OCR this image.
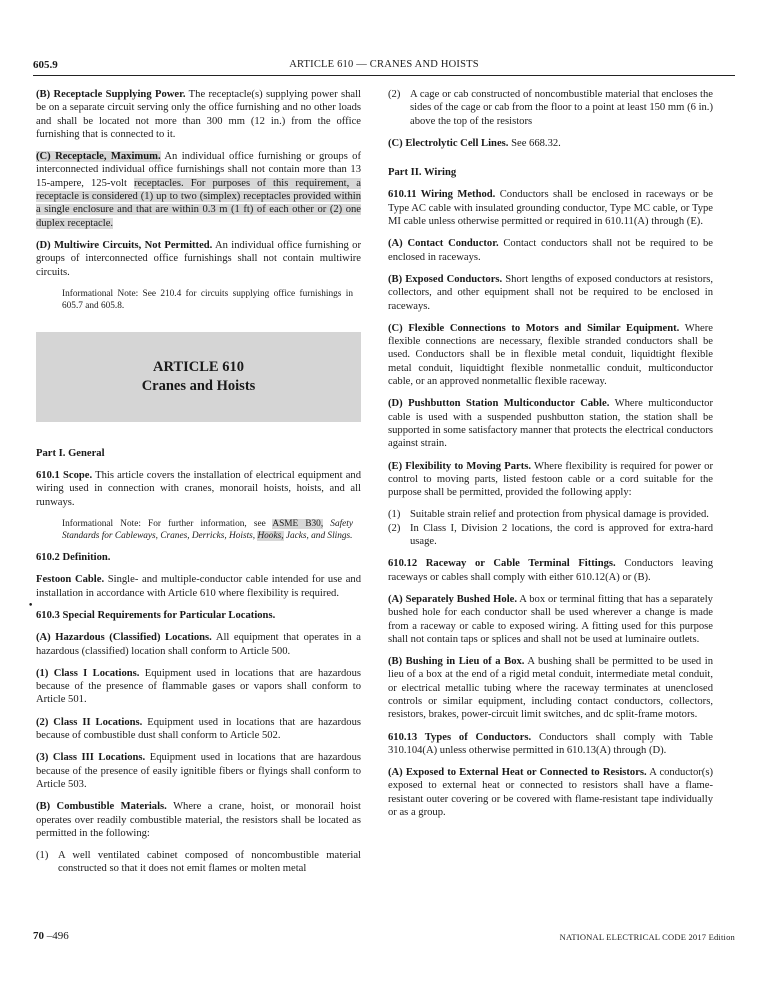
605.9	ARTICLE 610 — CRANES AND HOISTS

(B) Receptacle Supplying Power. The receptacle(s) supplying power shall be on a separate circuit serving only the office furnishing and no other loads and shall be located not more than 300 mm (12 in.) from the office furnishing that is connected to it.

(C) Receptacle, Maximum. An individual office furnishing or groups of interconnected individual office furnishings shall not contain more than 13 15-ampere, 125-volt receptacles. For purposes of this requirement, a receptacle is considered (1) up to two (simplex) receptacles provided within a single enclosure and that are within 0.3 m (1 ft) of each other or (2) one duplex receptacle.

(D) Multiwire Circuits, Not Permitted. An individual office furnishing or groups of interconnected office furnishings shall not contain multiwire circuits.

Informational Note: See 210.4 for circuits supplying office furnishings in 605.7 and 605.8.

ARTICLE 610
Cranes and Hoists

Part I. General

610.1 Scope. This article covers the installation of electrical equipment and wiring used in connection with cranes, monorail hoists, hoists, and all runways.

Informational Note: For further information, see ASME B30, Safety Standards for Cableways, Cranes, Derricks, Hoists, Hooks, Jacks, and Slings.

610.2 Definition.

Festoon Cable. Single- and multiple-conductor cable intended for use and installation in accordance with Article 610 where flexibility is required.

610.3 Special Requirements for Particular Locations.

(A) Hazardous (Classified) Locations. All equipment that operates in a hazardous (classified) location shall conform to Article 500.

(1) Class I Locations. Equipment used in locations that are hazardous because of the presence of flammable gases or vapors shall conform to Article 501.

(2) Class II Locations. Equipment used in locations that are hazardous because of combustible dust shall conform to Article 502.

(3) Class III Locations. Equipment used in locations that are hazardous because of the presence of easily ignitible fibers or flyings shall conform to Article 503.

(B) Combustible Materials. Where a crane, hoist, or monorail hoist operates over readily combustible material, the resistors shall be located as permitted in the following:

(1) A well ventilated cabinet composed of noncombustible material constructed so that it does not emit flames or molten metal
•
(2) A cage or cab constructed of noncombustible material that encloses the sides of the cage or cab from the floor to a point at least 150 mm (6 in.) above the top of the resistors

(C) Electrolytic Cell Lines. See 668.32.

Part II. Wiring

610.11 Wiring Method. Conductors shall be enclosed in raceways or be Type AC cable with insulated grounding conductor, Type MC cable, or Type MI cable unless otherwise permitted or required in 610.11(A) through (E).

(A) Contact Conductor. Contact conductors shall not be required to be enclosed in raceways.

(B) Exposed Conductors. Short lengths of exposed conductors at resistors, collectors, and other equipment shall not be required to be enclosed in raceways.

(C) Flexible Connections to Motors and Similar Equipment. Where flexible connections are necessary, flexible stranded conductors shall be used. Conductors shall be in flexible metal conduit, liquidtight flexible metal conduit, liquidtight flexible nonmetallic conduit, multiconductor cable, or an approved nonmetallic flexible raceway.

(D) Pushbutton Station Multiconductor Cable. Where multiconductor cable is used with a suspended pushbutton station, the station shall be supported in some satisfactory manner that protects the electrical conductors against strain.

(E) Flexibility to Moving Parts. Where flexibility is required for power or control to moving parts, listed festoon cable or a cord suitable for the purpose shall be permitted, provided the following apply:

(1) Suitable strain relief and protection from physical damage is provided.
(2) In Class I, Division 2 locations, the cord is approved for extra-hard usage.

610.12 Raceway or Cable Terminal Fittings. Conductors leaving raceways or cables shall comply with either 610.12(A) or (B).

(A) Separately Bushed Hole. A box or terminal fitting that has a separately bushed hole for each conductor shall be used wherever a change is made from a raceway or cable to exposed wiring. A fitting used for this purpose shall not contain taps or splices and shall not be used at luminaire outlets.

(B) Bushing in Lieu of a Box. A bushing shall be permitted to be used in lieu of a box at the end of a rigid metal conduit, intermediate metal conduit, or electrical metallic tubing where the raceway terminates at unenclosed controls or similar equipment, including contact conductors, collectors, resistors, brakes, power-circuit limit switches, and dc split-frame motors.

610.13 Types of Conductors. Conductors shall comply with Table 310.104(A) unless otherwise permitted in 610.13(A) through (D).

(A) Exposed to External Heat or Connected to Resistors. A conductor(s) exposed to external heat or connected to resistors shall have a flame-resistant outer covering or be covered with flame-resistant tape individually or as a group.

70 –496	NATIONAL ELECTRICAL CODE 2017 Edition
